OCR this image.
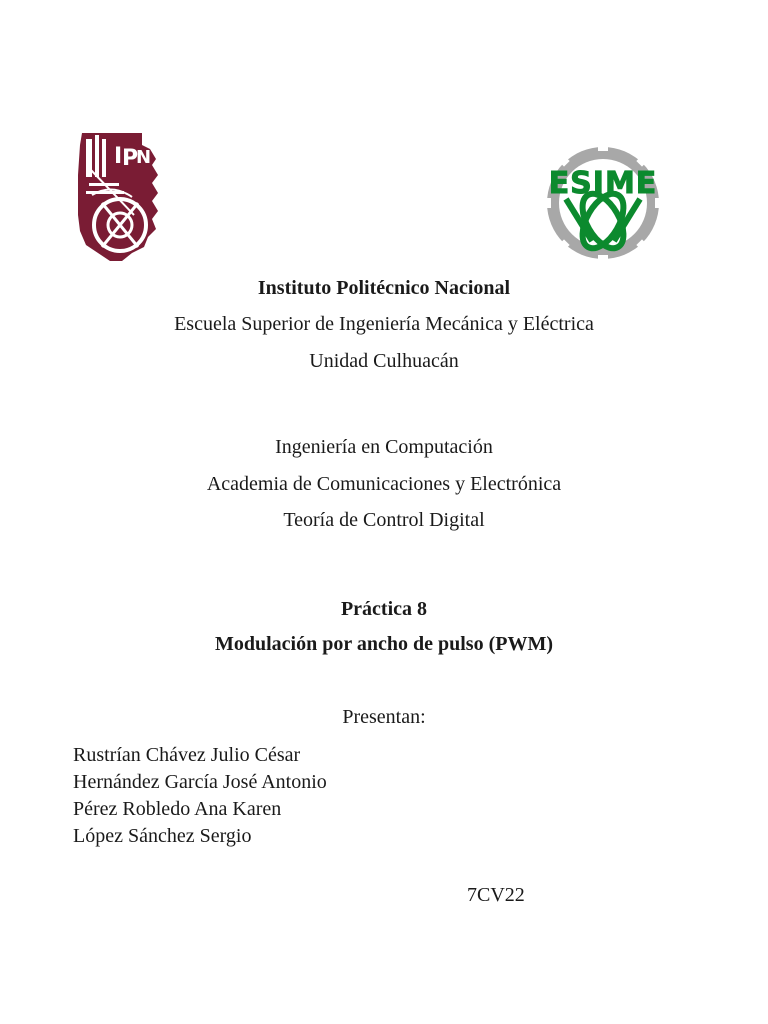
I P
N
ESIME
Instituto Politécnico Nacional
Escuela Superior de Ingeniería Mecánica y Eléctrica
Unidad Culhuacán
Ingeniería en Computación
Academia de Comunicaciones y Electrónica
Teoría de Control Digital
Práctica 8
Modulación por ancho de pulso (PWM)
Presentan:
Rustrían Chávez Julio César
Hernández García José Antonio
Pérez Robledo Ana Karen
López Sánchez Sergio
7CV22
